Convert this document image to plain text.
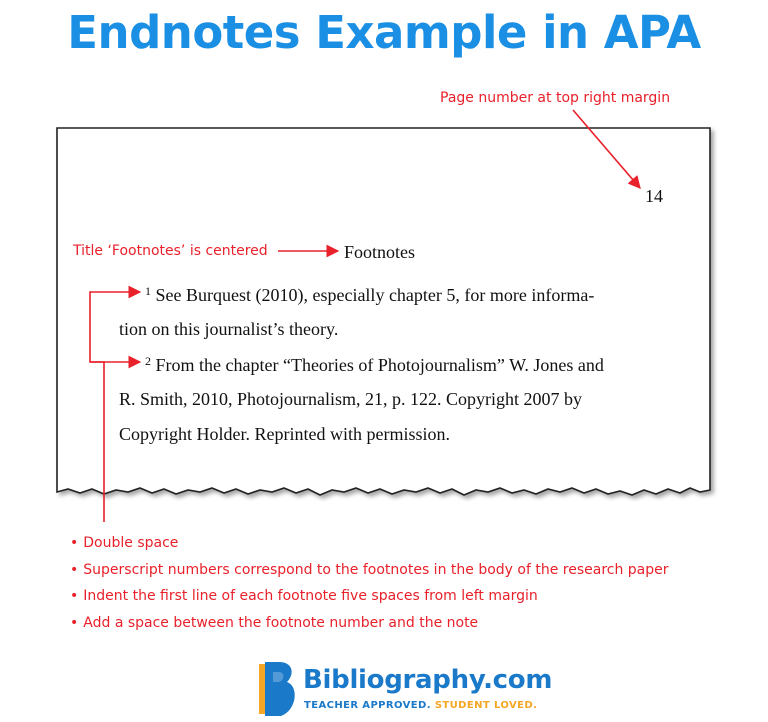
Endnotes Example in APA
Page number at top right margin
14
Title ‘Footnotes’ is centered	Footnotes
$^1$ See Burquest (2010), especially chapter 5, for more informa-
tion on this journalist’s theory.
$^2$ From the chapter “Theories of Photojournalism” W. Jones and
R. Smith, 2010, Photojournalism, 21, p. 122. Copyright 2007 by
Copyright Holder. Reprinted with permission.
• Double space
• Superscript numbers correspond to the footnotes in the body of the research paper
• Indent the first line of each footnote five spaces from left margin
• Add a space between the footnote number and the note
Bibliography.com
TEACHER APPROVED. STUDENT LOVED.
